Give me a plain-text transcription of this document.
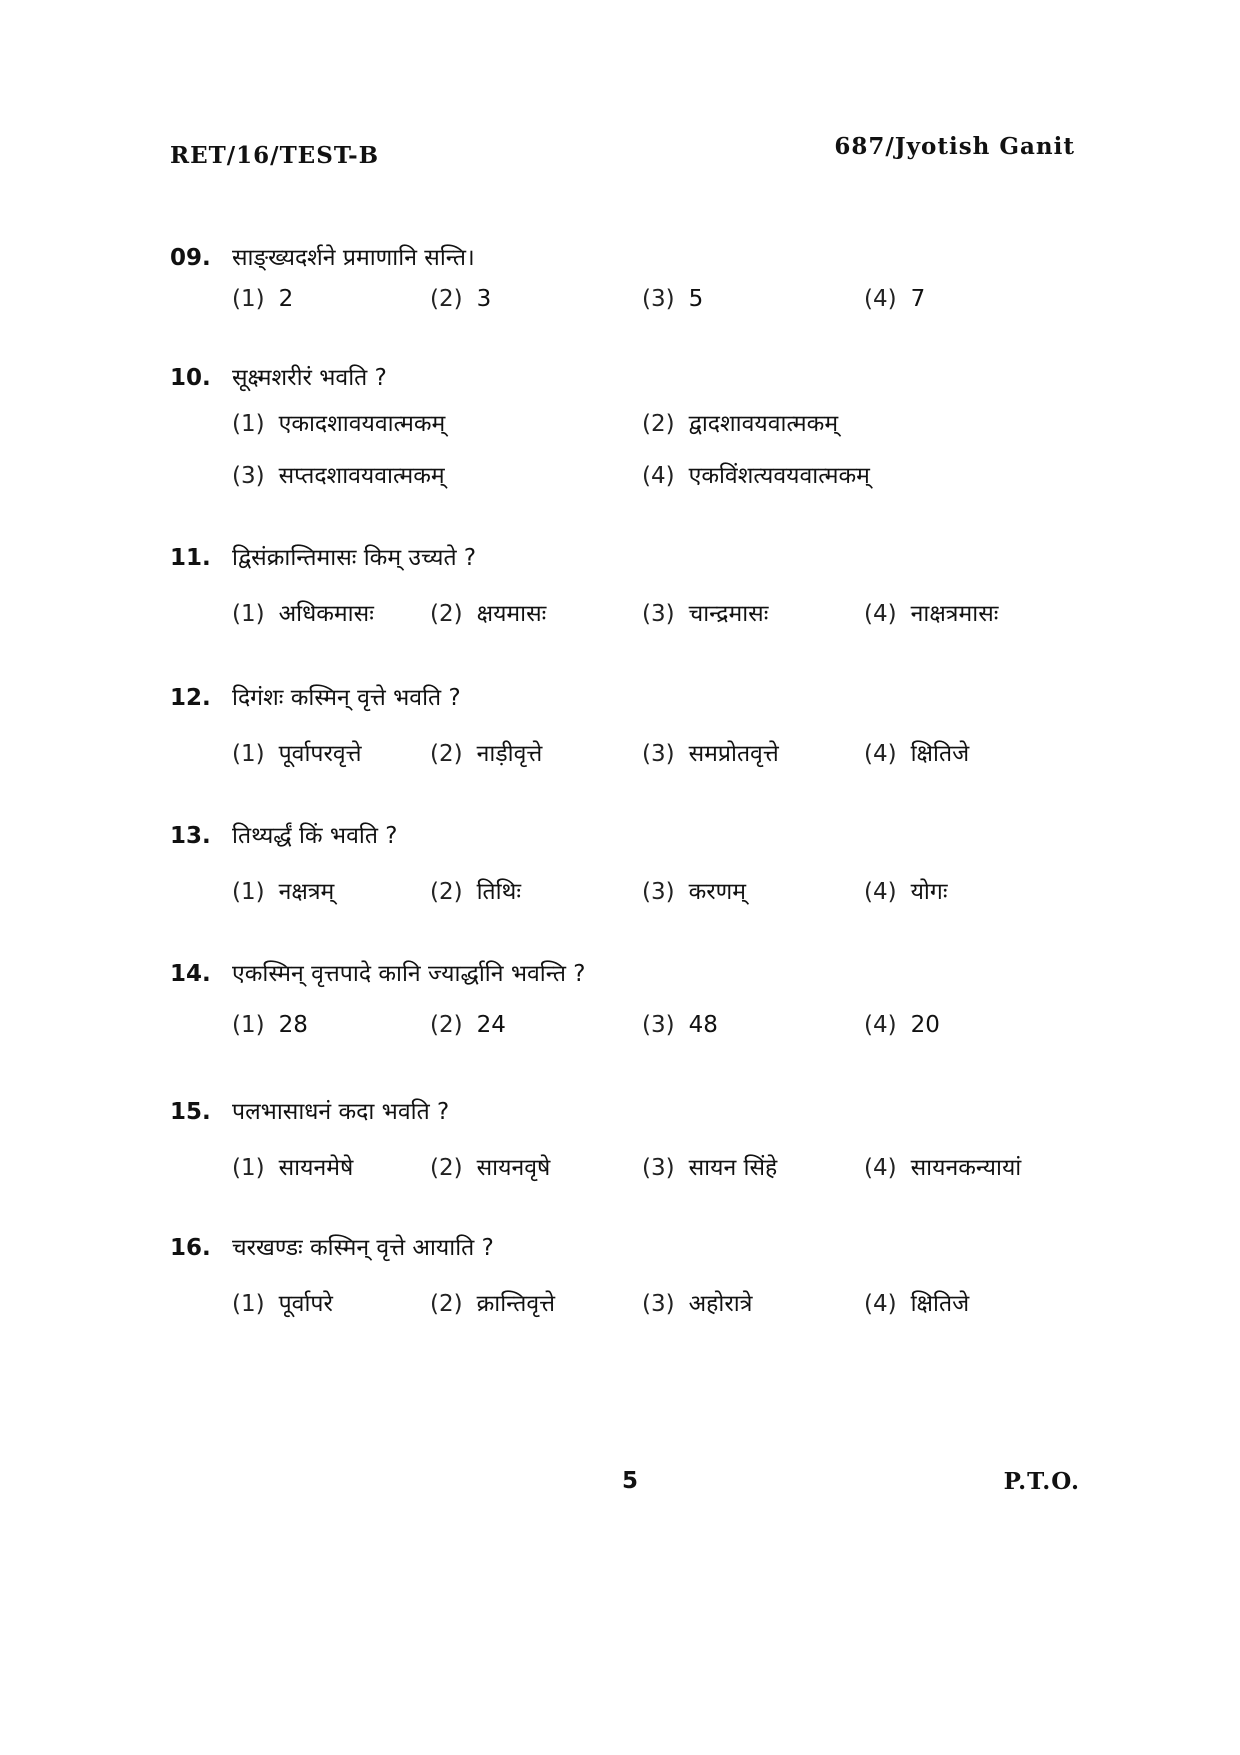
RET/16/TEST-B	687/Jyotish Ganit
09. साङ्ख्यदर्शने प्रमाणानि सन्ति।
(1) 2	(2) 3	(3) 5	(4) 7
10. सूक्ष्मशरीरं भवति ?
(1) एकादशावयवात्मकम्	(2) द्वादशावयवात्मकम्
(3) सप्तदशावयवात्मकम्	(4) एकविंशत्यवयवात्मकम्
11. द्विसंक्रान्तिमासः किम् उच्यते ?
(1) अधिकमासः (2) क्षयमासः	(3) चान्द्रमासः	(4) नाक्षत्रमासः
12. दिगंशः कस्मिन् वृत्ते भवति ?
(1) पूर्वापरवृत्ते	(2) नाड़ीवृत्ते	(3) समप्रोतवृत्ते	(4) क्षितिजे
13. तिथ्यर्द्धं किं भवति ?
(1) नक्षत्रम्	(2) तिथिः	(3) करणम्	(4) योगः
14. एकस्मिन् वृत्तपादे कानि ज्यार्द्धानि भवन्ति ?
(1) 28	(2) 24	(3) 48	(4) 20
15. पलभासाधनं कदा भवति ?
(1) सायनमेषे	(2) सायनवृषे	(3) सायन सिंहे	(4) सायनकन्यायां
16. चरखण्डः कस्मिन् वृत्ते आयाति ?
(1) पूर्वापरे	(2) क्रान्तिवृत्ते	(3) अहोरात्रे	(4) क्षितिजे
5	P.T.O.
